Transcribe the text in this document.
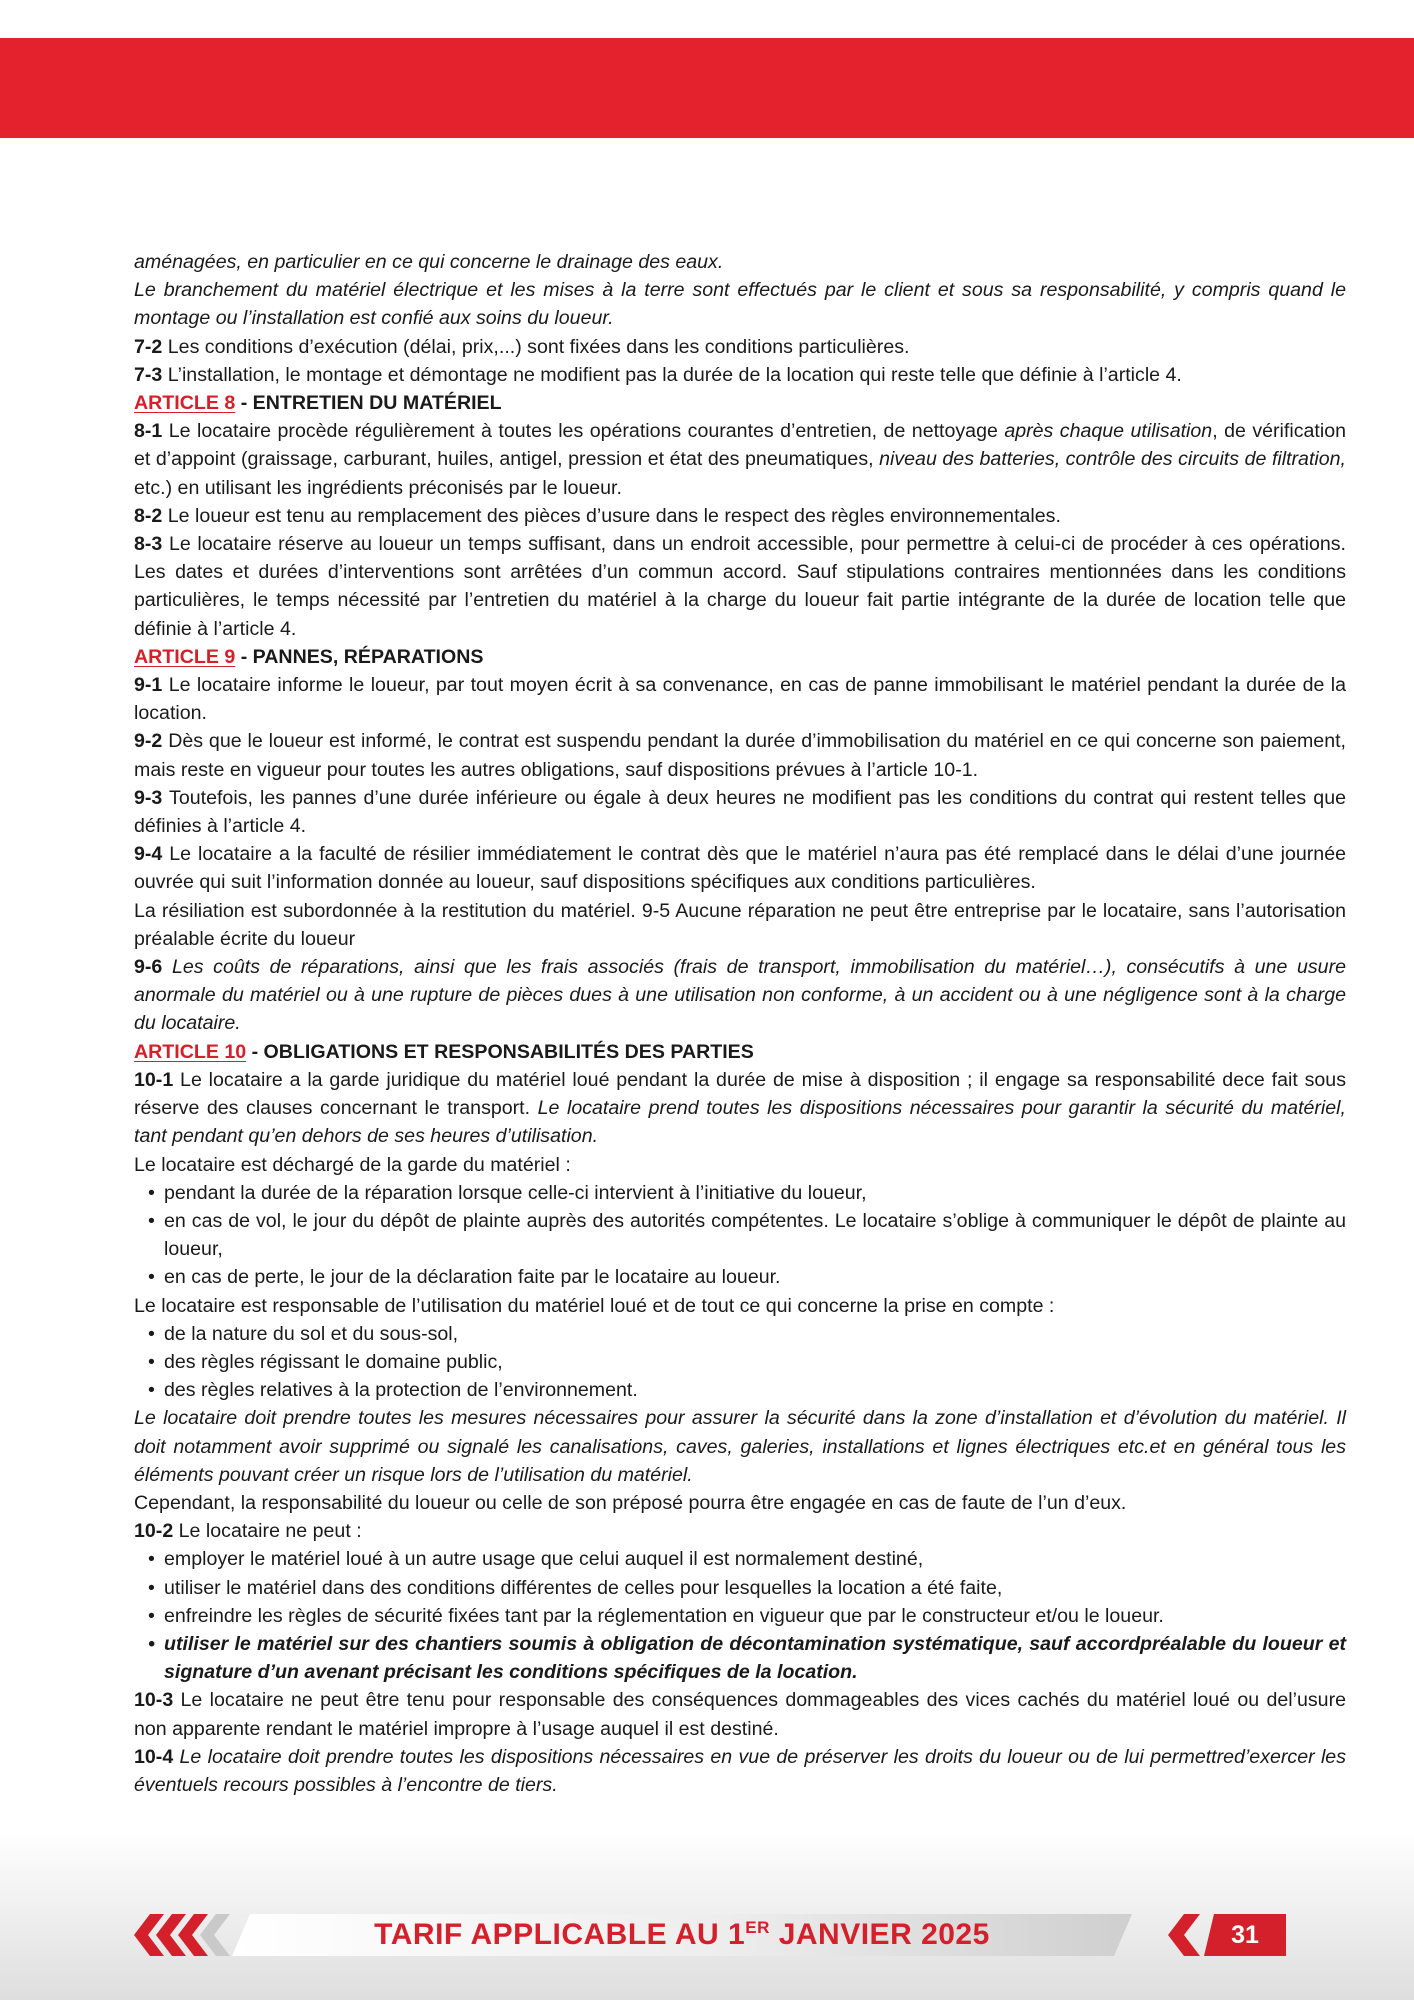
aménagées, en particulier en ce qui concerne le drainage des eaux.

Le branchement du matériel électrique et les mises à la terre sont effectués par le client et sous sa responsabilité, y compris quand le montage ou l’installation est confié aux soins du loueur.

7-2 Les conditions d’exécution (délai, prix,...) sont fixées dans les conditions particulières.

7-3 L’installation, le montage et démontage ne modifient pas la durée de la location qui reste telle que définie à l’article 4.

ARTICLE 8 - ENTRETIEN DU MATÉRIEL

8-1 Le locataire procède régulièrement à toutes les opérations courantes d’entretien, de nettoyage après chaque utilisation, de vérification et d’appoint (graissage, carburant, huiles, antigel, pression et état des pneumatiques, niveau des batteries, contrôle des circuits de filtration, etc.) en utilisant les ingrédients préconisés par le loueur.

8-2 Le loueur est tenu au remplacement des pièces d’usure dans le respect des règles environnementales.

8-3 Le locataire réserve au loueur un temps suffisant, dans un endroit accessible, pour permettre à celui-ci de procéder à ces opérations. Les dates et durées d’interventions sont arrêtées d’un commun accord. Sauf stipulations contraires mentionnées dans les conditions particulières, le temps nécessité par l’entretien du matériel à la charge du loueur fait partie intégrante de la durée de location telle que définie à l’article 4.

ARTICLE 9 - PANNES, RÉPARATIONS

9-1 Le locataire informe le loueur, par tout moyen écrit à sa convenance, en cas de panne immobilisant le matériel pendant la durée de la location.

9-2 Dès que le loueur est informé, le contrat est suspendu pendant la durée d’immobilisation du matériel en ce qui concerne son paiement, mais reste en vigueur pour toutes les autres obligations, sauf dispositions prévues à l’article 10-1.

9-3 Toutefois, les pannes d’une durée inférieure ou égale à deux heures ne modifient pas les conditions du contrat qui restent telles que définies à l’article 4.

9-4 Le locataire a la faculté de résilier immédiatement le contrat dès que le matériel n’aura pas été remplacé dans le délai d’une journée ouvrée qui suit l’information donnée au loueur, sauf dispositions spécifiques aux conditions particulières.

La résiliation est subordonnée à la restitution du matériel. 9-5 Aucune réparation ne peut être entreprise par le locataire, sans l’autorisation préalable écrite du loueur

9-6 Les coûts de réparations, ainsi que les frais associés (frais de transport, immobilisation du matériel…), consécutifs à une usure anormale du matériel ou à une rupture de pièces dues à une utilisation non conforme, à un accident ou à une négligence sont à la charge du locataire.

ARTICLE 10 - OBLIGATIONS ET RESPONSABILITÉS DES PARTIES

10-1 Le locataire a la garde juridique du matériel loué pendant la durée de mise à disposition ; il engage sa responsabilité dece fait sous réserve des clauses concernant le transport. Le locataire prend toutes les dispositions nécessaires pour garantir la sécurité du matériel, tant pendant qu’en dehors de ses heures d’utilisation.

Le locataire est déchargé de la garde du matériel :

• pendant la durée de la réparation lorsque celle-ci intervient à l’initiative du loueur,
• en cas de vol, le jour du dépôt de plainte auprès des autorités compétentes. Le locataire s’oblige à communiquer le dépôt de plainte au loueur,
• en cas de perte, le jour de la déclaration faite par le locataire au loueur.

Le locataire est responsable de l’utilisation du matériel loué et de tout ce qui concerne la prise en compte :

• de la nature du sol et du sous-sol,
• des règles régissant le domaine public,
• des règles relatives à la protection de l’environnement.

Le locataire doit prendre toutes les mesures nécessaires pour assurer la sécurité dans la zone d’installation et d’évolution du matériel. Il doit notamment avoir supprimé ou signalé les canalisations, caves, galeries, installations et lignes électriques etc.et en général tous les éléments pouvant créer un risque lors de l’utilisation du matériel.

Cependant, la responsabilité du loueur ou celle de son préposé pourra être engagée en cas de faute de l’un d’eux.

10-2 Le locataire ne peut :

• employer le matériel loué à un autre usage que celui auquel il est normalement destiné,
• utiliser le matériel dans des conditions différentes de celles pour lesquelles la location a été faite,
• enfreindre les règles de sécurité fixées tant par la réglementation en vigueur que par le constructeur et/ou le loueur.
• utiliser le matériel sur des chantiers soumis à obligation de décontamination systématique, sauf accordpréalable du loueur et signature d’un avenant précisant les conditions spécifiques de la location.

10-3 Le locataire ne peut être tenu pour responsable des conséquences dommageables des vices cachés du matériel loué ou del’usure non apparente rendant le matériel impropre à l’usage auquel il est destiné.

10-4 Le locataire doit prendre toutes les dispositions nécessaires en vue de préserver les droits du loueur ou de lui permettred’exercer les éventuels recours possibles à l’encontre de tiers.

TARIF APPLICABLE AU 1ER JANVIER 2025	31
